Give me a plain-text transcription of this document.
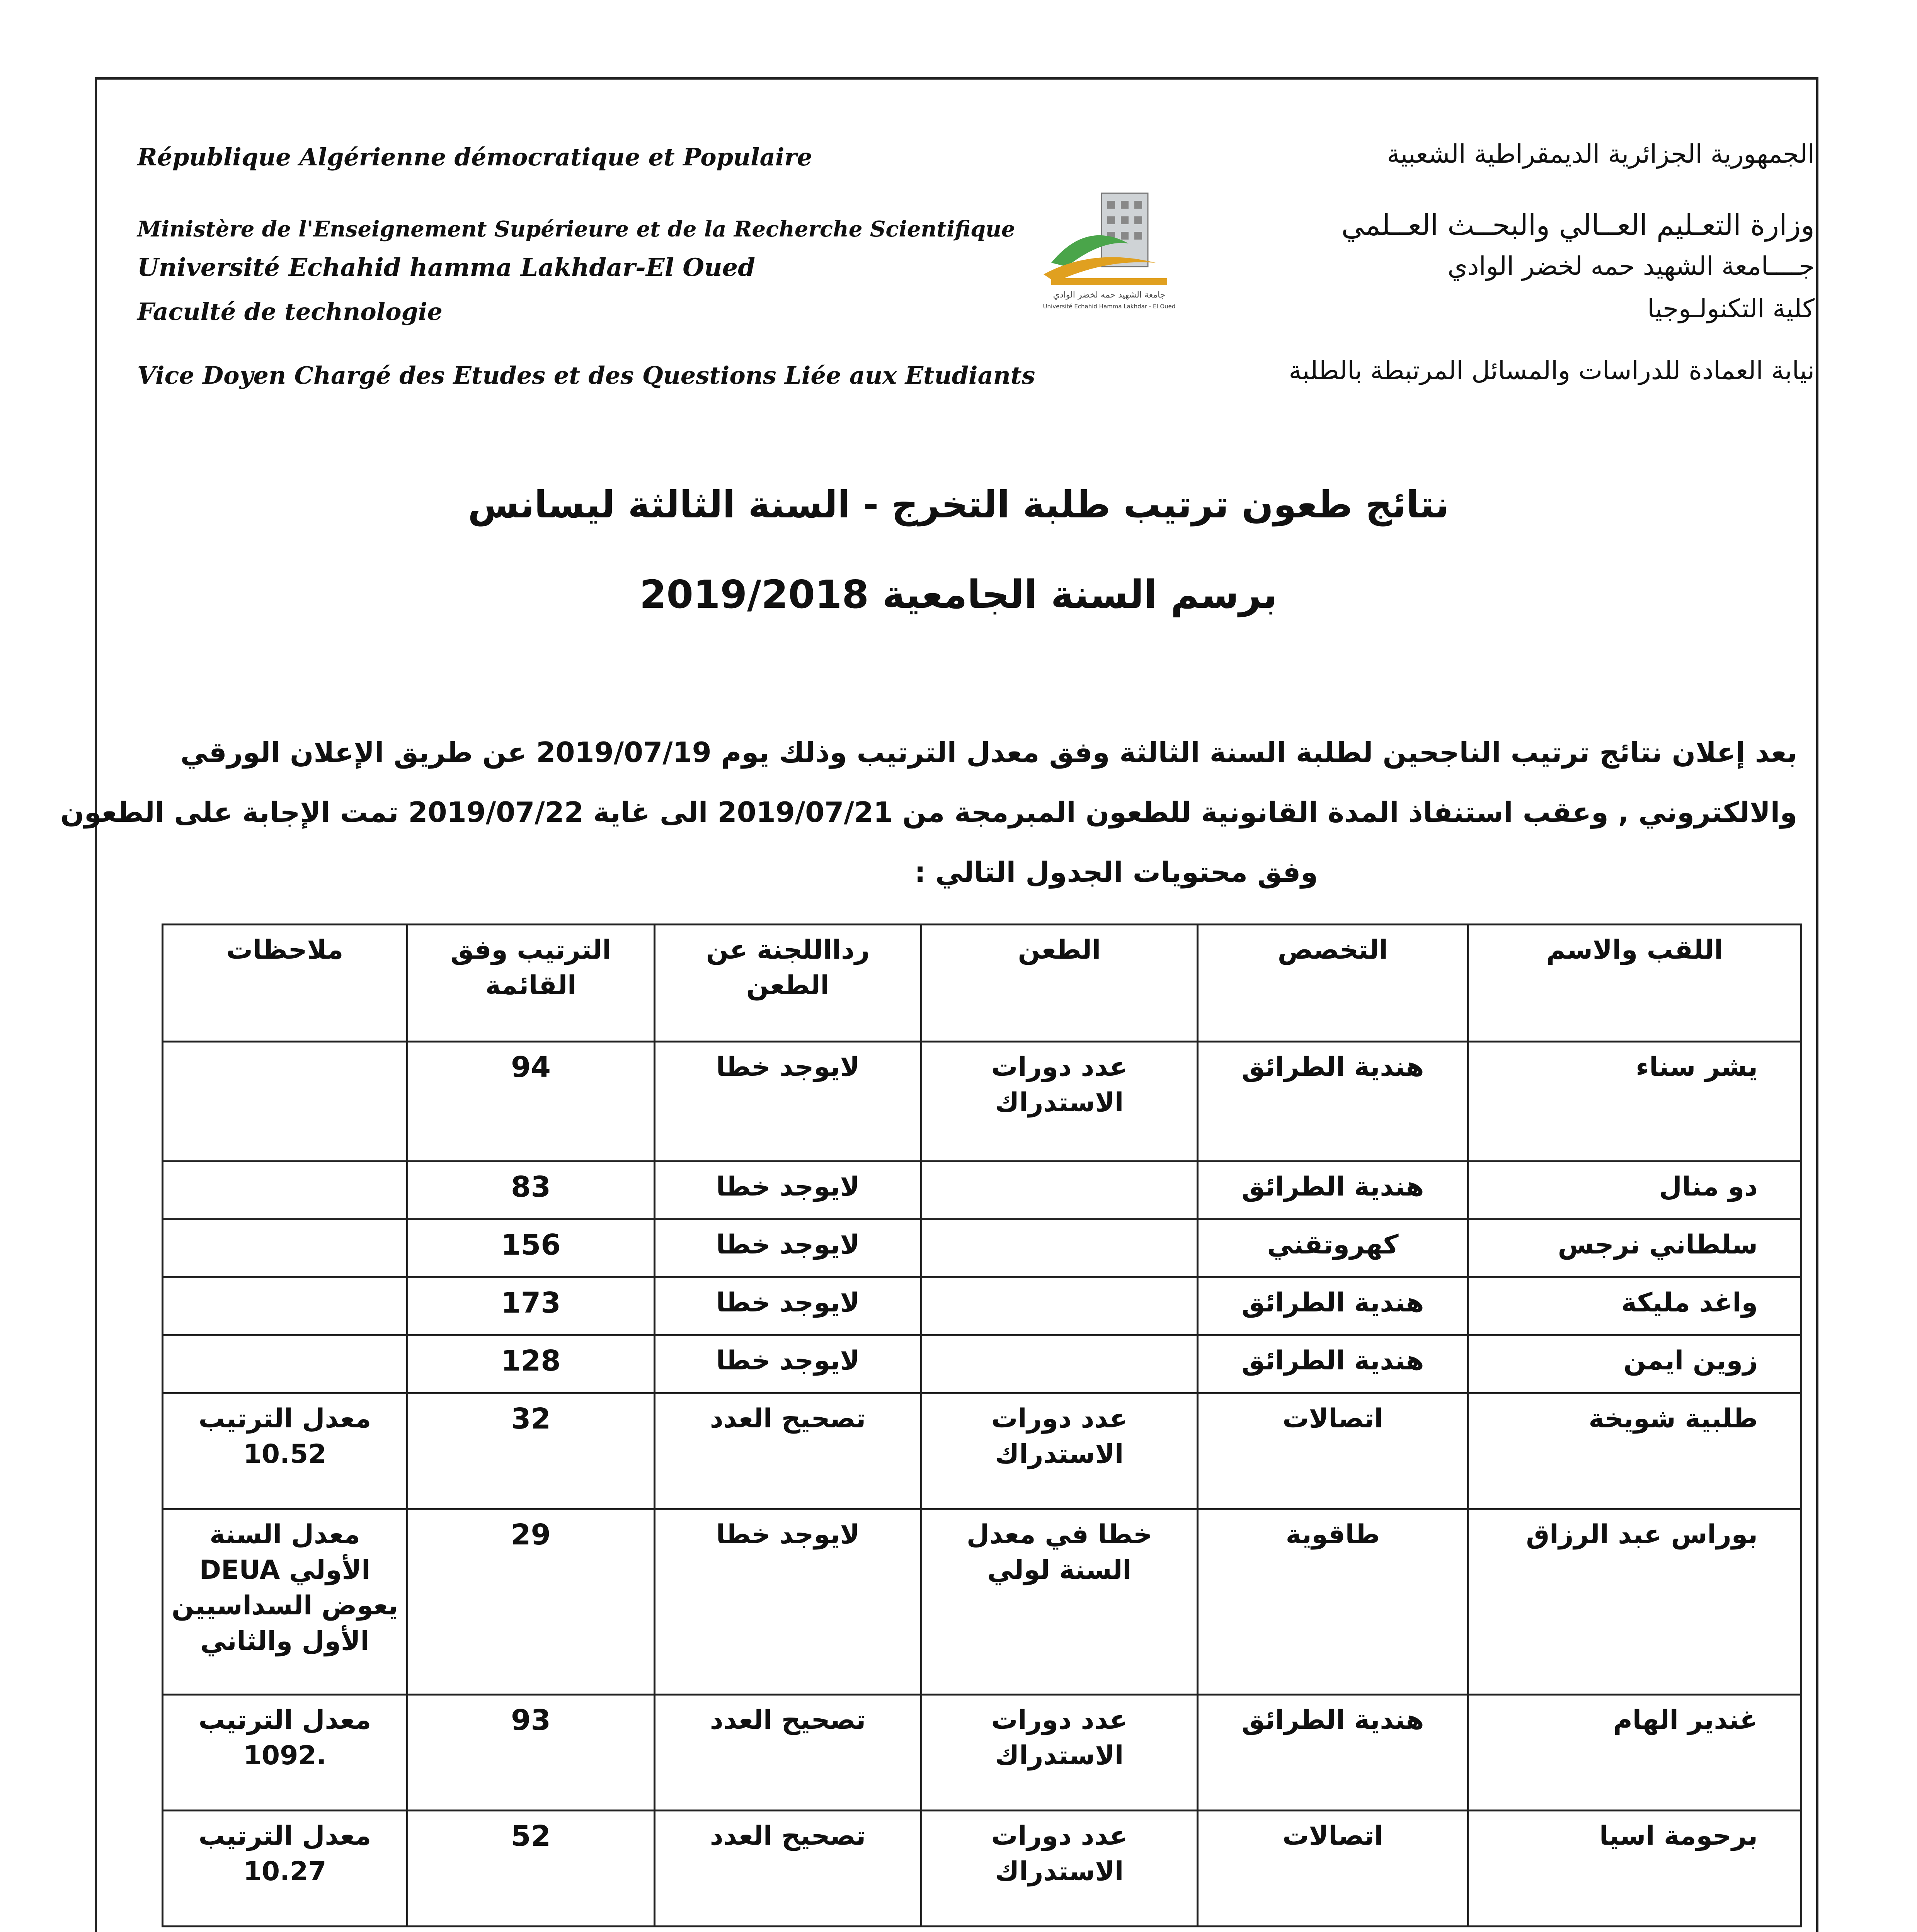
République Algérienne démocratique et Populaire
Ministère de l'Enseignement Supérieure et de la Recherche Scientifique
Université Echahid hamma Lakhdar-El Oued
Faculté de technologie
Vice Doyen Chargé des Etudes et des Questions Liée aux Etudiants
الجمهورية الجزائرية الديمقراطية الشعبية
وزارة التعـليم العــالي والبحــث العــلمي
جــــامعة الشهيد حمه لخضر الوادي
كلية التكنولـوجيا
نيابة العمادة للدراسات والمسائل المرتبطة بالطلبة
جامعة الشهيد حمه لخضر الوادي
Université Echahid Hamma Lakhdar - El Oued
نتائج طعون ترتيب طلبة التخرج - السنة الثالثة ليسانس
برسم السنة الجامعية 2019/2018
بعد إعلان نتائج ترتيب الناجحين لطلبة السنة الثالثة وفق معدل الترتيب وذلك يوم 2019/07/19 عن طريق الإعلان الورقي
والالكتروني , وعقب استنفاذ المدة القانونية للطعون المبرمجة من 2019/07/21 الى غاية 2019/07/22 تمت الإجابة على الطعون
وفق محتويات الجدول التالي :
اللقب والاسم	التخصص	الطعن	ردااللجنة عن الطعن	الترتيب وفق القائمة	ملاحظات
يشر سناء	هندية الطرائق	عدد دورات الاستدراك	لايوجد خطا	94	
دو منال	هندية الطرائق		لايوجد خطا	83	
سلطاني نرجس	كهروتقني		لايوجد خطا	156	
واغد مليكة	هندية الطرائق		لايوجد خطا	173	
زوين ايمن	هندية الطرائق		لايوجد خطا	128	
طلبية شويخة	اتصالات	عدد دورات الاستدراك	تصحيح العدد	32	معدل الترتيب 10.52
بوراس عبد الرزاق	طاقوية	خطا في معدل السنة لولي	لايوجد خطا	29	معدل السنة الأولي DEUA يعوض السداسيين الأول والثاني
غندير الهام	هندية الطرائق	عدد دورات الاستدراك	تصحيح العدد	93	معدل الترتيب .1092
برحومة اسيا	اتصالات	عدد دورات الاستدراك	تصحيح العدد	52	معدل الترتيب 10.27
